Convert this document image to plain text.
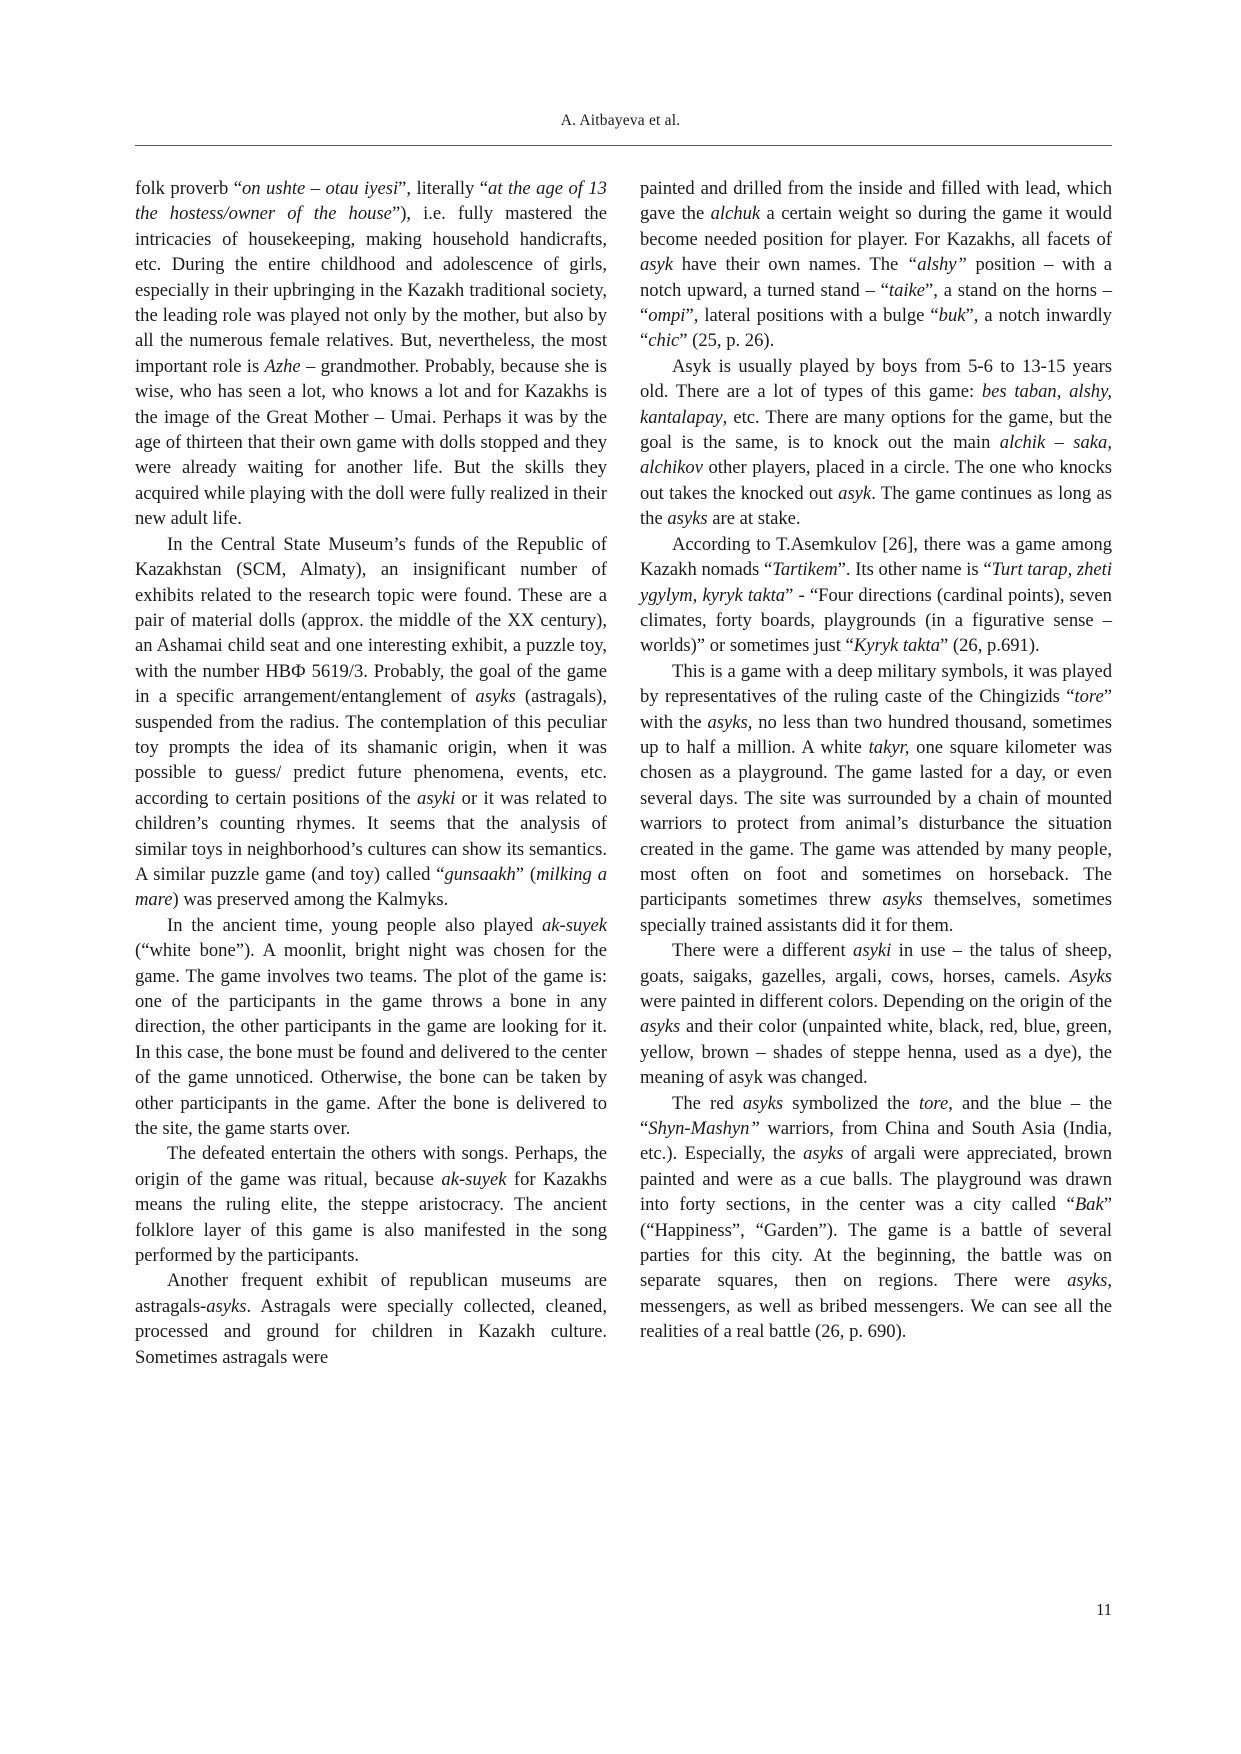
A. Aitbayeva et al.

folk proverb “on ushte – otau iyesi”, literally “at the age of 13 the hostess/owner of the house”), i.e. fully mastered the intricacies of housekeeping, making household handicrafts, etc. During the entire childhood and adolescence of girls, especially in their upbringing in the Kazakh traditional society, the leading role was played not only by the mother, but also by all the numerous female relatives. But, nevertheless, the most important role is Azhe – grandmother. Probably, because she is wise, who has seen a lot, who knows a lot and for Kazakhs is the image of the Great Mother – Umai. Perhaps it was by the age of thirteen that their own game with dolls stopped and they were already waiting for another life. But the skills they acquired while playing with the doll were fully realized in their new adult life.

In the Central State Museum’s funds of the Republic of Kazakhstan (SCM, Almaty), an insignificant number of exhibits related to the research topic were found. These are a pair of material dolls (approx. the middle of the XX century), an Ashamai child seat and one interesting exhibit, a puzzle toy, with the number НВФ 5619/3. Probably, the goal of the game in a specific arrangement/entanglement of asyks (astragals), suspended from the radius. The contemplation of this peculiar toy prompts the idea of its shamanic origin, when it was possible to guess/ predict future phenomena, events, etc. according to certain positions of the asyki or it was related to children’s counting rhymes. It seems that the analysis of similar toys in neighborhood’s cultures can show its semantics. A similar puzzle game (and toy) called “gunsaakh” (milking a mare) was preserved among the Kalmyks.

In the ancient time, young people also played ak-suyek (“white bone”). A moonlit, bright night was chosen for the game. The game involves two teams. The plot of the game is: one of the participants in the game throws a bone in any direction, the other participants in the game are looking for it. In this case, the bone must be found and delivered to the center of the game unnoticed. Otherwise, the bone can be taken by other participants in the game. After the bone is delivered to the site, the game starts over.

The defeated entertain the others with songs. Perhaps, the origin of the game was ritual, because ak-suyek for Kazakhs means the ruling elite, the steppe aristocracy. The ancient folklore layer of this game is also manifested in the song performed by the participants.

Another frequent exhibit of republican museums are astragals-asyks. Astragals were specially collected, cleaned, processed and ground for children in Kazakh culture. Sometimes astragals were

painted and drilled from the inside and filled with lead, which gave the alchuk a certain weight so during the game it would become needed position for player. For Kazakhs, all facets of asyk have their own names. The “alshy” position – with a notch upward, a turned stand – “taike”, a stand on the horns – “ompi”, lateral positions with a bulge “buk”, a notch inwardly “chic” (25, p. 26).

Asyk is usually played by boys from 5-6 to 13-15 years old. There are a lot of types of this game: bes taban, alshy, kantalapay, etc. There are many options for the game, but the goal is the same, is to knock out the main alchik – saka, alchikov other players, placed in a circle. The one who knocks out takes the knocked out asyk. The game continues as long as the asyks are at stake.

According to T.Asemkulov [26], there was a game among Kazakh nomads “Tartikem”. Its other name is “Turt tarap, zheti ygylym, kyryk takta” - “Four directions (cardinal points), seven climates, forty boards, playgrounds (in a figurative sense – worlds)” or sometimes just “Kyryk takta” (26, p.691).

This is a game with a deep military symbols, it was played by representatives of the ruling caste of the Chingizids “tore” with the asyks, no less than two hundred thousand, sometimes up to half a million. A white takyr, one square kilometer was chosen as a playground. The game lasted for a day, or even several days. The site was surrounded by a chain of mounted warriors to protect from animal’s disturbance the situation created in the game. The game was attended by many people, most often on foot and sometimes on horseback. The participants sometimes threw asyks themselves, sometimes specially trained assistants did it for them.

There were a different asyki in use – the talus of sheep, goats, saigaks, gazelles, argali, cows, horses, camels. Asyks were painted in different colors. Depending on the origin of the asyks and their color (unpainted white, black, red, blue, green, yellow, brown – shades of steppe henna, used as a dye), the meaning of asyk was changed.

The red asyks symbolized the tore, and the blue – the “Shyn-Mashyn” warriors, from China and South Asia (India, etc.). Especially, the asyks of argali were appreciated, brown painted and were as a cue balls. The playground was drawn into forty sections, in the center was a city called “Bak” (“Happiness”, “Garden”). The game is a battle of several parties for this city. At the beginning, the battle was on separate squares, then on regions. There were asyks, messengers, as well as bribed messengers. We can see all the realities of a real battle (26, p. 690).

11
